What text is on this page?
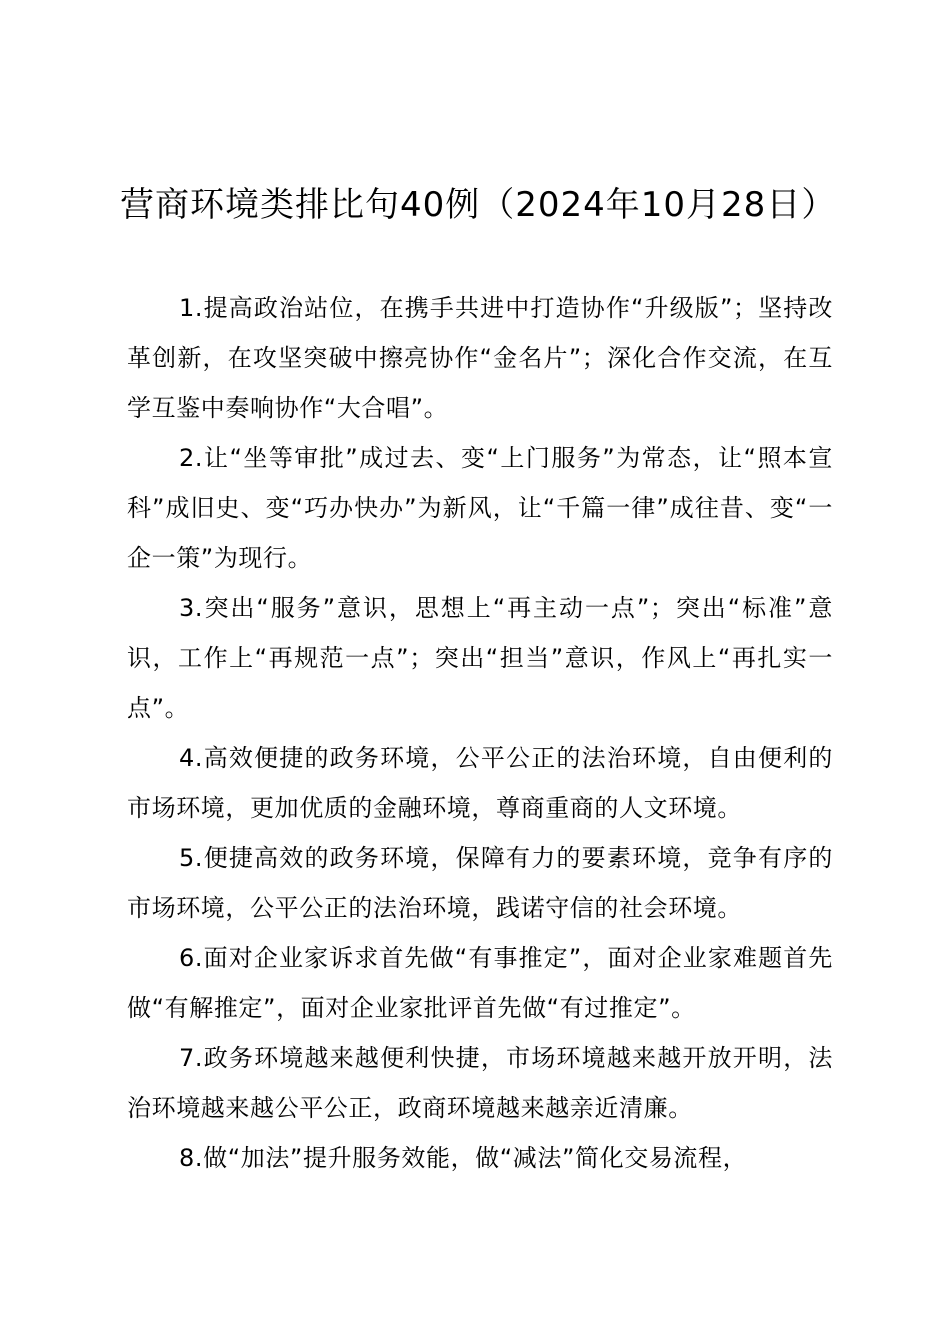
营商环境类排比句40例（2024年10月28日）

1.提高政治站位，在携手共进中打造协作“升级版”；坚持改革创新，在攻坚突破中擦亮协作“金名片”；深化合作交流，在互学互鉴中奏响协作“大合唱”。

2.让“坐等审批”成过去、变“上门服务”为常态，让“照本宣科”成旧史、变“巧办快办”为新风，让“千篇一律”成往昔、变“一企一策”为现行。

3.突出“服务”意识，思想上“再主动一点”；突出“标准”意识，工作上“再规范一点”；突出“担当”意识，作风上“再扎实一点”。

4.高效便捷的政务环境，公平公正的法治环境，自由便利的市场环境，更加优质的金融环境，尊商重商的人文环境。

5.便捷高效的政务环境，保障有力的要素环境，竞争有序的市场环境，公平公正的法治环境，践诺守信的社会环境。

6.面对企业家诉求首先做“有事推定”，面对企业家难题首先做“有解推定”，面对企业家批评首先做“有过推定”。

7.政务环境越来越便利快捷，市场环境越来越开放开明，法治环境越来越公平公正，政商环境越来越亲近清廉。

8.做“加法”提升服务效能，做“减法”简化交易流程，
